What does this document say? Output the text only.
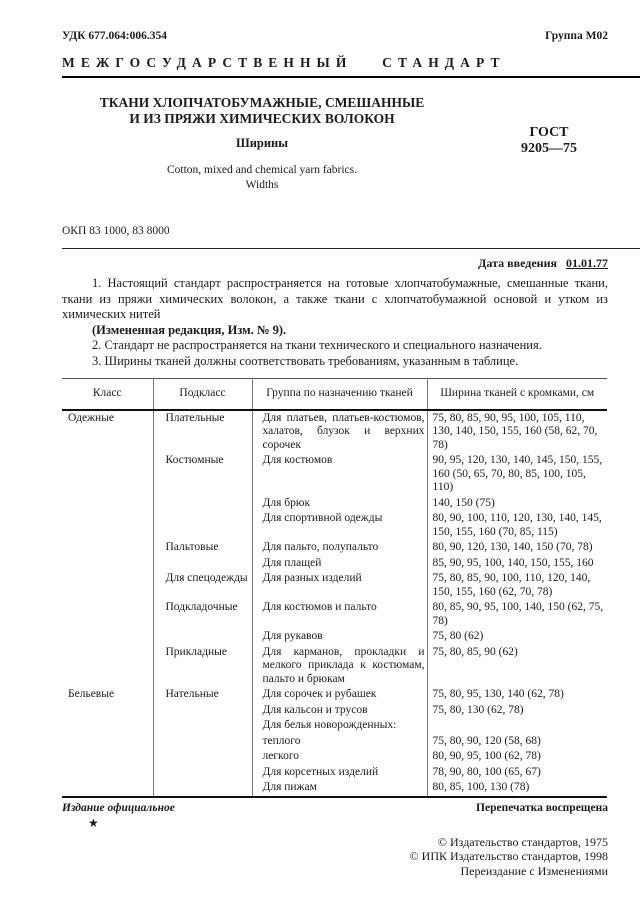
УДК 677.064:006.354	Группа М02
МЕЖГОСУДАРСТВЕННЫЙ СТАНДАРТ
ТКАНИ ХЛОПЧАТОБУМАЖНЫЕ, СМЕШАННЫЕ
И ИЗ ПРЯЖИ ХИМИЧЕСКИХ ВОЛОКОН
Ширины
Cotton, mixed and chemical yarn fabrics.
Widths
ГОСТ
9205—75
ОКП 83 1000, 83 8000
Дата введения 01.01.77

1. Настоящий стандарт распространяется на готовые хлопчатобумажные, смешанные ткани, ткани из пряжи химических волокон, а также ткани с хлопчатобумажной основой и утком из химических нитей

(Измененная редакция, Изм. № 9).

2. Стандарт не распространяется на ткани технического и специального назначения.

3. Ширины тканей должны соответствовать требованиям, указанным в таблице.

Класс	Подкласс	Группа по назначению тканей	Ширина тканей с кромками, см
Одежные	Плательные	Для платьев, платьев-костюмов, халатов, блузок и верхних сорочек	75, 80, 85, 90, 95, 100, 105, 110, 130, 140, 150, 155, 160 (58, 62, 70, 78)
	Костюмные	Для костюмов	90, 95, 120, 130, 140, 145, 150, 155, 160 (50, 65, 70, 80, 85, 100, 105, 110)
		Для брюк	140, 150 (75)
		Для спортивной одежды	80, 90, 100, 110, 120, 130, 140, 145, 150, 155, 160 (70, 85, 115)
	Пальтовые	Для пальто, полупальто	80, 90, 120, 130, 140, 150 (70, 78)
		Для плащей	85, 90, 95, 100, 140, 150, 155, 160
	Для спецодежды	Для разных изделий	75, 80, 85, 90, 100, 110, 120, 140, 150, 155, 160 (62, 70, 78)
	Подкладочные	Для костюмов и пальто	80, 85, 90, 95, 100, 140, 150 (62, 75, 78)
		Для рукавов	75, 80 (62)
	Прикладные	Для карманов, прокладки и мелкого приклада к костюмам, пальто и брюкам	75, 80, 85, 90 (62)
Бельевые	Нательные	Для сорочек и рубашек	75, 80, 95, 130, 140 (62, 78)
		Для кальсон и трусов	75, 80, 130 (62, 78)
		Для белья новорожденных:	
		теплого	75, 80, 90, 120 (58, 68)
		легкого	80, 90, 95, 100 (62, 78)
		Для корсетных изделий	78, 90, 80, 100 (65, 67)
		Для пижам	80, 85, 100, 130 (78)
Издание официальное	Перепечатка воспрещена
★
© Издательство стандартов, 1975
© ИПК Издательство стандартов, 1998
Переиздание с Изменениями
